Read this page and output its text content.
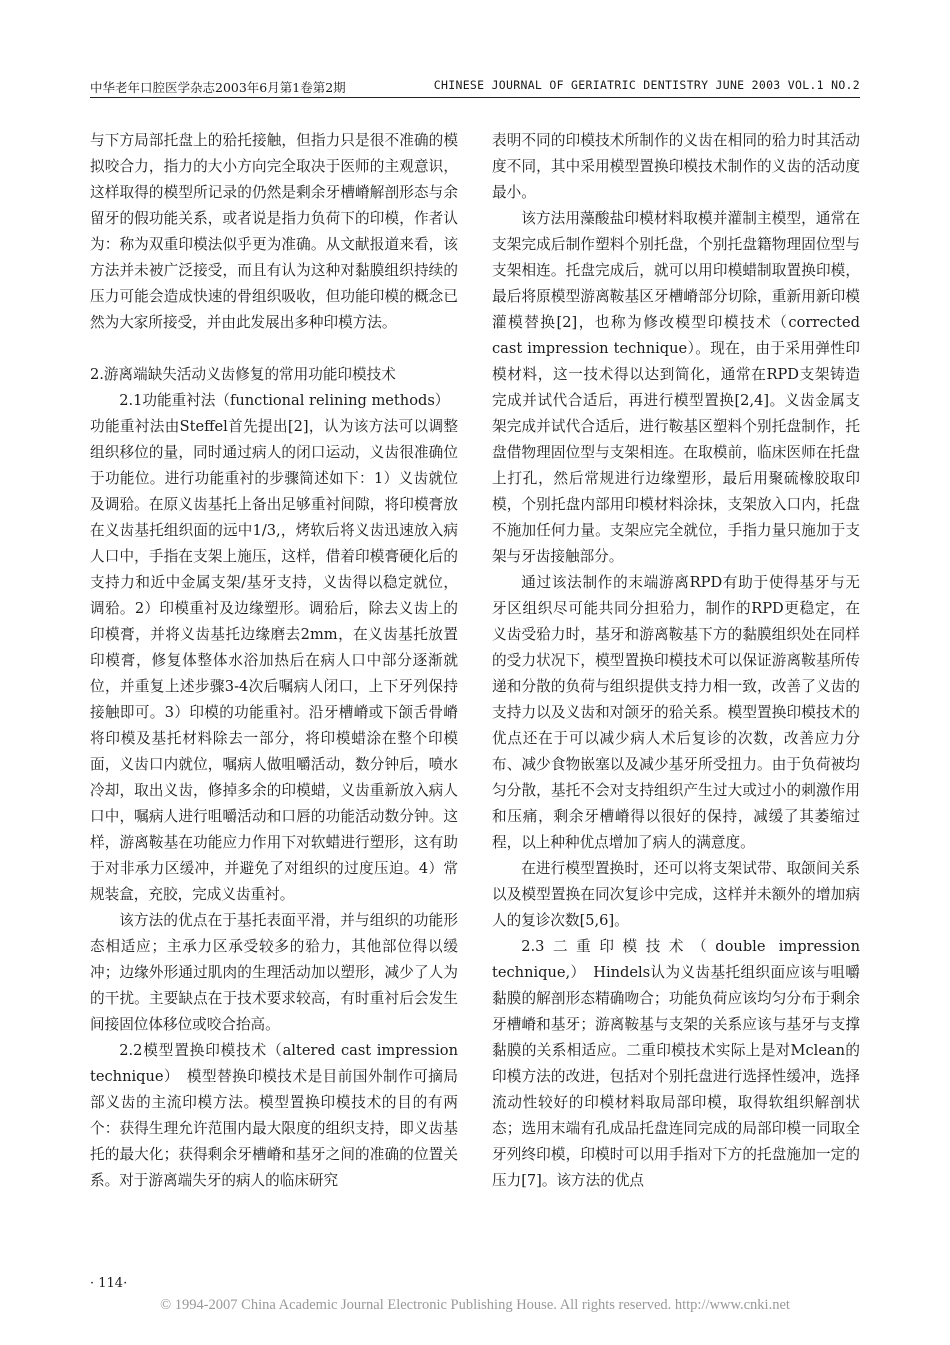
中华老年口腔医学杂志2003年6月第1卷第2期	CHINESE JOURNAL OF GERIATRIC DENTISTRY JUNE 2003 VOL.1 NO.2

与下方局部托盘上的𬌗托接触，但指力只是很不准确的模拟咬合力，指力的大小方向完全取决于医师的主观意识，这样取得的模型所记录的仍然是剩余牙槽嵴解剖形态与余留牙的假功能关系，或者说是指力负荷下的印模，作者认为：称为双重印模法似乎更为准确。从文献报道来看，该方法并未被广泛接受，而且有认为这种对黏膜组织持续的压力可能会造成快速的骨组织吸收，但功能印模的概念已然为大家所接受，并由此发展出多种印模方法。

2.游离端缺失活动义齿修复的常用功能印模技术

2.1功能重衬法（functional relining methods）

功能重衬法由Steffel首先提出[2]，认为该方法可以调整组织移位的量，同时通过病人的闭口运动，义齿很准确位于功能位。进行功能重衬的步骤简述如下：1）义齿就位及调𬌗。在原义齿基托上备出足够重衬间隙，将印模膏放在义齿基托组织面的远中1/3,，烤软后将义齿迅速放入病人口中，手指在支架上施压，这样，借着印模膏硬化后的支持力和近中金属支架/基牙支持，义齿得以稳定就位，调𬌗。2）印模重衬及边缘塑形。调𬌗后，除去义齿上的印模膏，并将义齿基托边缘磨去2mm，在义齿基托放置印模膏，修复体整体水浴加热后在病人口中部分逐渐就位，并重复上述步骤3-4次后嘱病人闭口，上下牙列保持接触即可。3）印模的功能重衬。沿牙槽嵴或下颌舌骨嵴将印模及基托材料除去一部分，将印模蜡涂在整个印模面，义齿口内就位，嘱病人做咀嚼活动，数分钟后，喷水冷却，取出义齿，修掉多余的印模蜡，义齿重新放入病人口中，嘱病人进行咀嚼活动和口唇的功能活动数分钟。这样，游离鞍基在功能应力作用下对软蜡进行塑形，这有助于对非承力区缓冲，并避免了对组织的过度压迫。4）常规装盒，充胶，完成义齿重衬。

该方法的优点在于基托表面平滑，并与组织的功能形态相适应；主承力区承受较多的𬌗力，其他部位得以缓冲；边缘外形通过肌肉的生理活动加以塑形，减少了人为的干扰。主要缺点在于技术要求较高，有时重衬后会发生间接固位体移位或咬合抬高。

2.2模型置换印模技术（altered cast impression technique）　模型替换印模技术是目前国外制作可摘局部义齿的主流印模方法。模型置换印模技术的目的有两个：获得生理允许范围内最大限度的组织支持，即义齿基托的最大化；获得剩余牙槽嵴和基牙之间的准确的位置关系。对于游离端失牙的病人的临床研究

表明不同的印模技术所制作的义齿在相同的𬌗力时其活动度不同，其中采用模型置换印模技术制作的义齿的活动度最小。

该方法用藻酸盐印模材料取模并灌制主模型，通常在支架完成后制作塑料个别托盘，个别托盘籍物理固位型与支架相连。托盘完成后，就可以用印模蜡制取置换印模，最后将原模型游离鞍基区牙槽嵴部分切除，重新用新印模灌模替换[2]，也称为修改模型印模技术（corrected cast impression technique）。现在，由于采用弹性印模材料，这一技术得以达到简化，通常在RPD支架铸造完成并试代合适后，再进行模型置换[2,4]。义齿金属支架完成并试代合适后，进行鞍基区塑料个别托盘制作，托盘借物理固位型与支架相连。在取模前，临床医师在托盘上打孔，然后常规进行边缘塑形，最后用聚硫橡胶取印模，个别托盘内部用印模材料涂抹，支架放入口内，托盘不施加任何力量。支架应完全就位，手指力量只施加于支架与牙齿接触部分。

通过该法制作的末端游离RPD有助于使得基牙与无牙区组织尽可能共同分担𬌗力，制作的RPD更稳定，在义齿受𬌗力时，基牙和游离鞍基下方的黏膜组织处在同样的受力状况下，模型置换印模技术可以保证游离鞍基所传递和分散的负荷与组织提供支持力相一致，改善了义齿的支持力以及义齿和对颌牙的𬌗关系。模型置换印模技术的优点还在于可以减少病人术后复诊的次数，改善应力分布、减少食物嵌塞以及减少基牙所受扭力。由于负荷被均匀分散，基托不会对支持组织产生过大或过小的刺激作用和压痛，剩余牙槽嵴得以很好的保持，减缓了其萎缩过程，以上种种优点增加了病人的满意度。

在进行模型置换时，还可以将支架试带、取颌间关系以及模型置换在同次复诊中完成，这样并未额外的增加病人的复诊次数[5,6]。

2.3二重印模技术（double impression technique,）　Hindels认为义齿基托组织面应该与咀嚼黏膜的解剖形态精确吻合；功能负荷应该均匀分布于剩余牙槽嵴和基牙；游离鞍基与支架的关系应该与基牙与支撑黏膜的关系相适应。二重印模技术实际上是对Mclean的印模方法的改进，包括对个别托盘进行选择性缓冲，选择流动性较好的印模材料取局部印模，取得软组织解剖状态；选用末端有孔成品托盘连同完成的局部印模一同取全牙列终印模，印模时可以用手指对下方的托盘施加一定的压力[7]。该方法的优点

· 114·
© 1994-2007 China Academic Journal Electronic Publishing House. All rights reserved. http://www.cnki.net
